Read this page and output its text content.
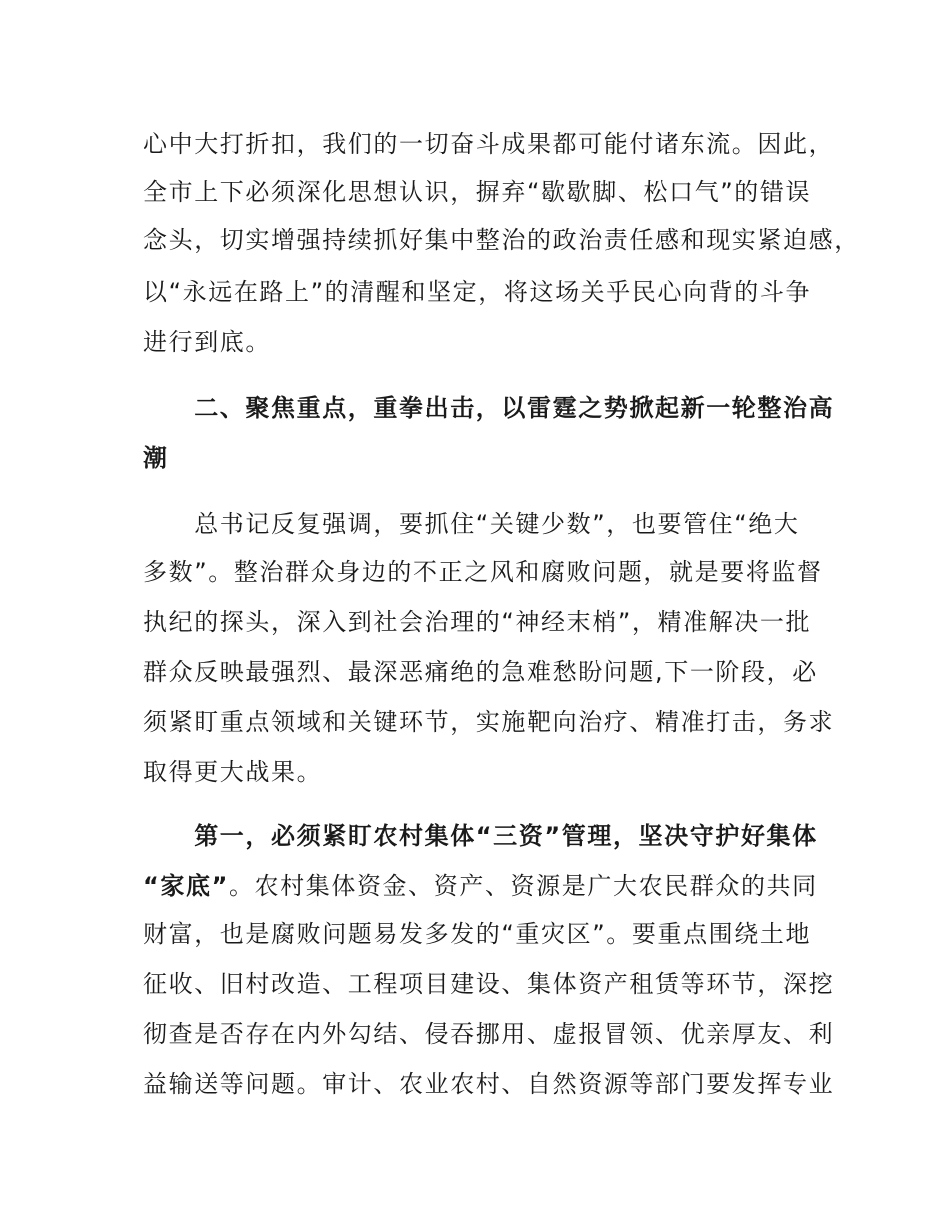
心中大打折扣，我们的一切奋斗成果都可能付诸东流。因此，
全市上下必须深化思想认识，摒弃“歇歇脚、松口气”的错误
念头，切实增强持续抓好集中整治的政治责任感和现实紧迫感，
以“永远在路上”的清醒和坚定，将这场关乎民心向背的斗争
进行到底。
　　二、聚焦重点，重拳出击，以雷霆之势掀起新一轮整治高
潮
　　总书记反复强调，要抓住“关键少数”，也要管住“绝大
多数”。整治群众身边的不正之风和腐败问题，就是要将监督
执纪的探头，深入到社会治理的“神经末梢”，精准解决一批
群众反映最强烈、最深恶痛绝的急难愁盼问题,下一阶段，必
须紧盯重点领域和关键环节，实施靶向治疗、精准打击，务求
取得更大战果。
　　第一，必须紧盯农村集体“三资”管理，坚决守护好集体
“家底”。农村集体资金、资产、资源是广大农民群众的共同
财富，也是腐败问题易发多发的“重灾区”。要重点围绕土地
征收、旧村改造、工程项目建设、集体资产租赁等环节，深挖
彻查是否存在内外勾结、侵吞挪用、虚报冒领、优亲厚友、利
益输送等问题。审计、农业农村、自然资源等部门要发挥专业
